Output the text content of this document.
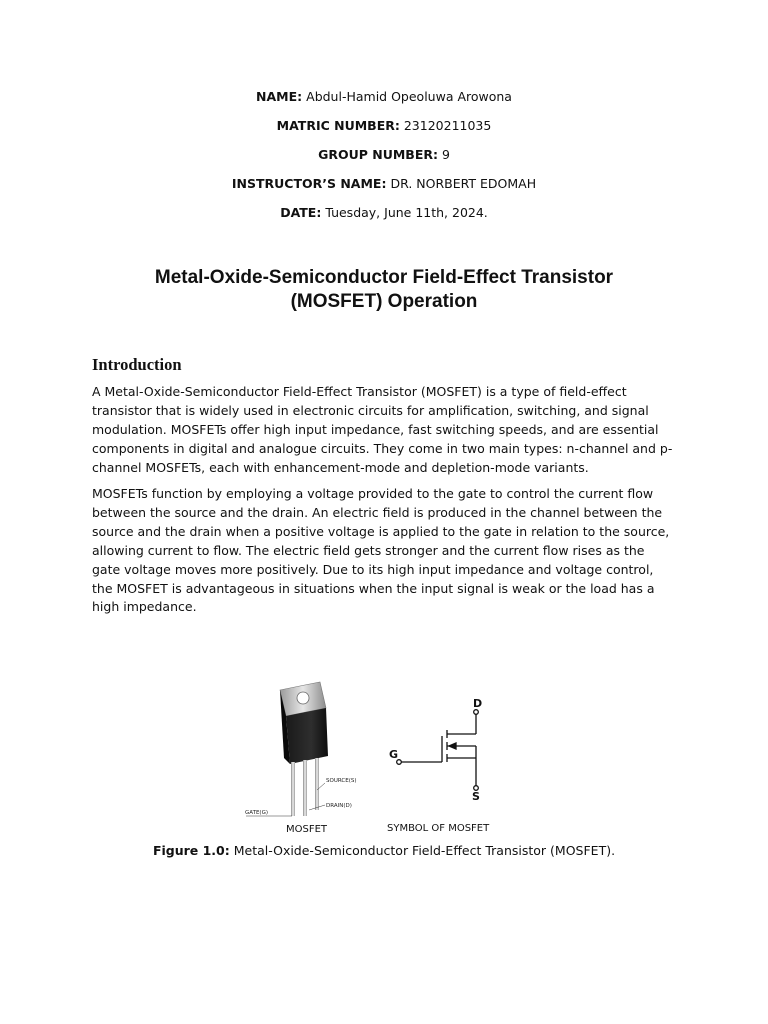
NAME: Abdul-Hamid Opeoluwa Arowona
MATRIC NUMBER: 23120211035
GROUP NUMBER: 9
INSTRUCTOR’S NAME: DR. NORBERT EDOMAH
DATE: Tuesday, June 11th, 2024.
Metal-Oxide-Semiconductor Field-Effect Transistor
(MOSFET) Operation
Introduction
A Metal-Oxide-Semiconductor Field-Effect Transistor (MOSFET) is a type of field-effect
transistor that is widely used in electronic circuits for amplification, switching, and signal
modulation. MOSFETs offer high input impedance, fast switching speeds, and are essential
components in digital and analogue circuits. They come in two main types: n-channel and p-
channel MOSFETs, each with enhancement-mode and depletion-mode variants.
MOSFETs function by employing a voltage provided to the gate to control the current flow
between the source and the drain. An electric field is produced in the channel between the
source and the drain when a positive voltage is applied to the gate in relation to the source,
allowing current to flow. The electric field gets stronger and the current flow rises as the
gate voltage moves more positively. Due to its high input impedance and voltage control,
the MOSFET is advantageous in situations when the input signal is weak or the load has a
high impedance.
SOURCE(S)
DRAIN(D)
GATE(G)
MOSFET
D
G
S
SYMBOL OF MOSFET
Figure 1.0: Metal-Oxide-Semiconductor Field-Effect Transistor (MOSFET).
